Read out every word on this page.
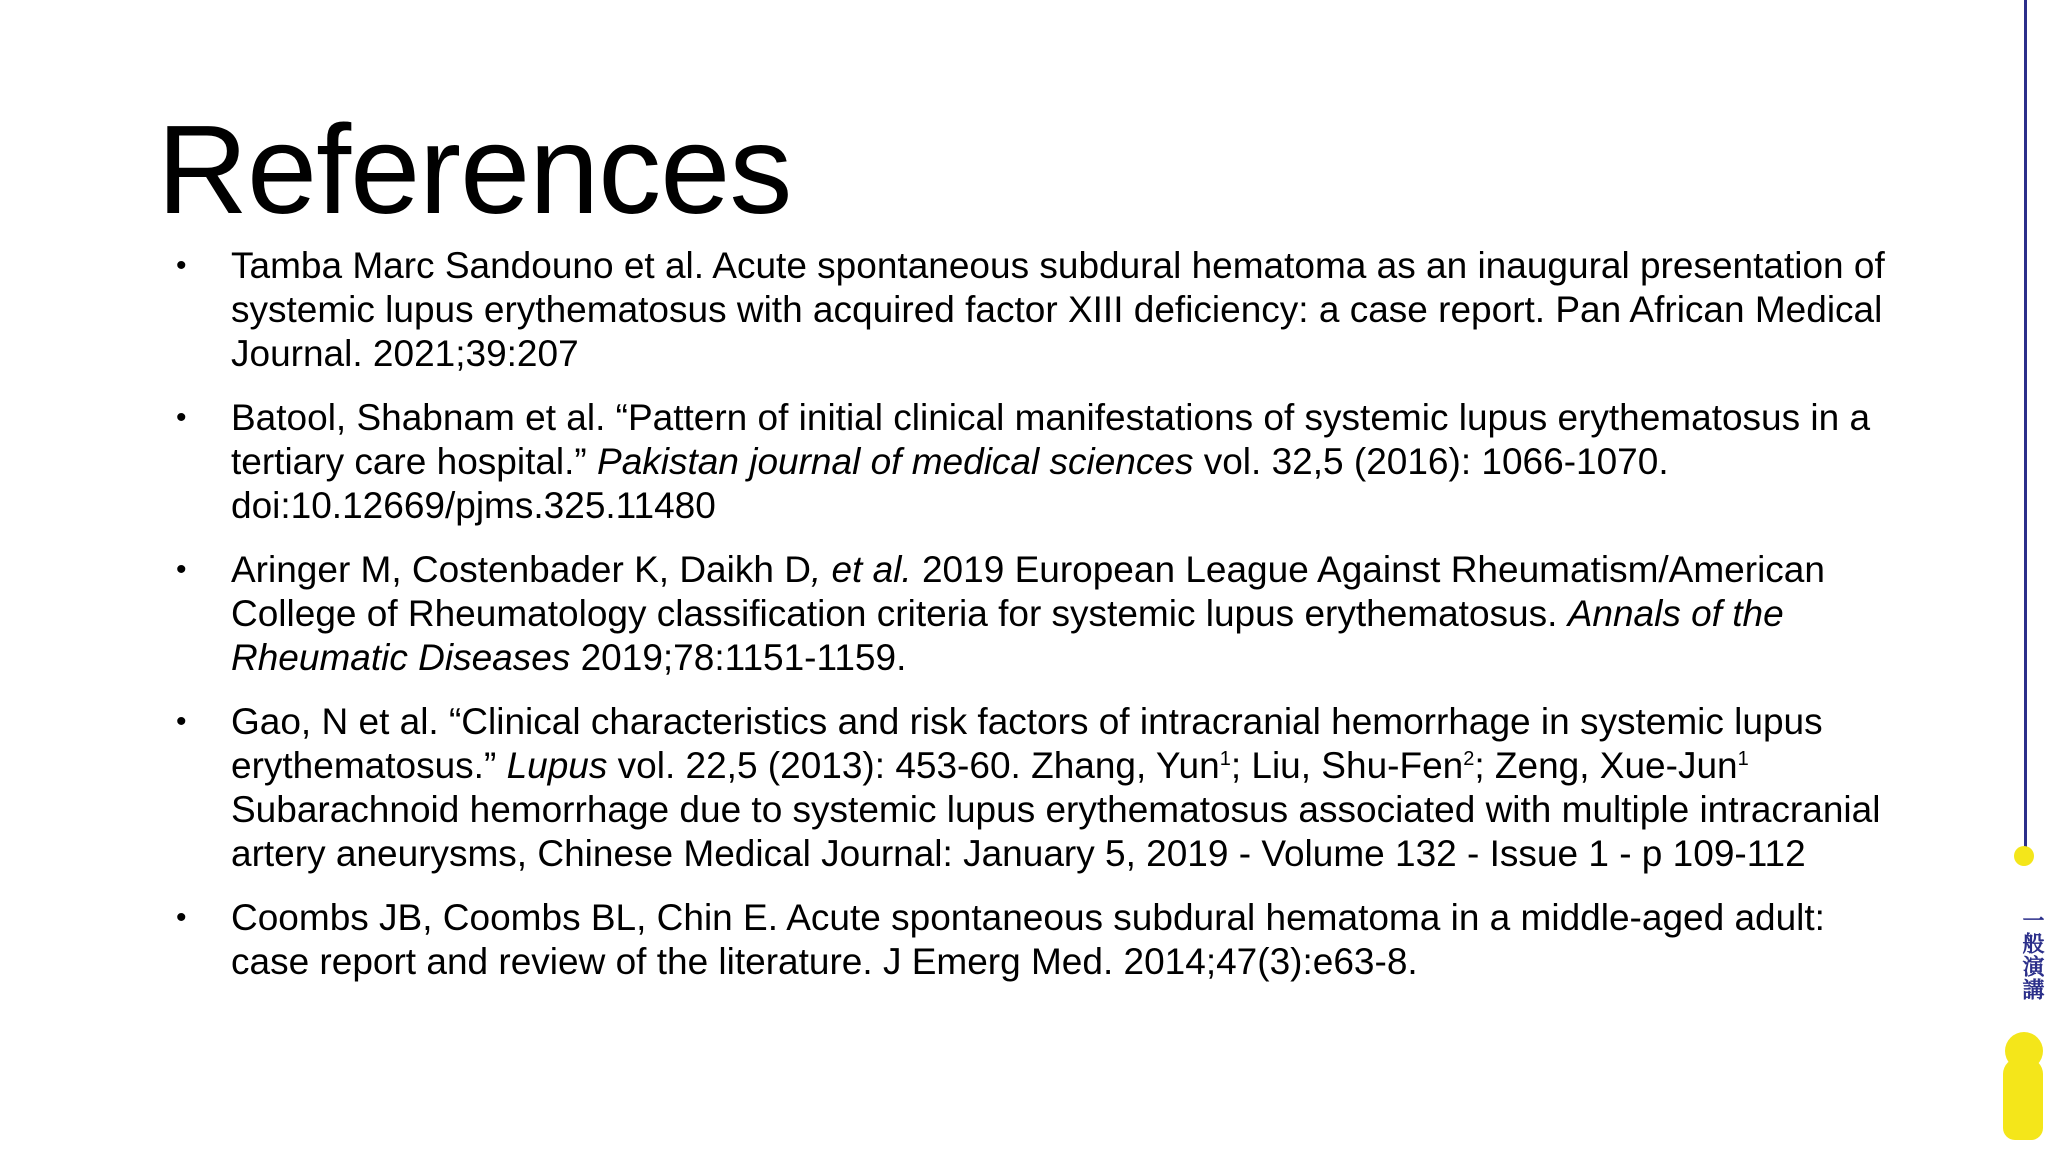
References
• Tamba Marc Sandouno et al. Acute spontaneous subdural hematoma as an inaugural presentation of systemic lupus erythematosus with acquired factor XIII deficiency: a case report. Pan African Medical Journal. 2021;39:207
• Batool, Shabnam et al. “Pattern of initial clinical manifestations of systemic lupus erythematosus in a tertiary care hospital.” Pakistan journal of medical sciences vol. 32,5 (2016): 1066-1070. doi:10.12669/pjms.325.11480
• Aringer M, Costenbader K, Daikh D, et al. 2019 European League Against Rheumatism/American College of Rheumatology classification criteria for systemic lupus erythematosus. Annals of the Rheumatic Diseases 2019;78:1151-1159.
• Gao, N et al. “Clinical characteristics and risk factors of intracranial hemorrhage in systemic lupus erythematosus.” Lupus vol. 22,5 (2013): 453-60. Zhang, Yun$^1$; Liu, Shu-Fen$^2$; Zeng, Xue-Jun$^1$ Subarachnoid hemorrhage due to systemic lupus erythematosus associated with multiple intracranial artery aneurysms, Chinese Medical Journal: January 5, 2019 - Volume 132 - Issue 1 - p 109-112
• Coombs JB, Coombs BL, Chin E. Acute spontaneous subdural hematoma in a middle-aged adult: case report and review of the literature. J Emerg Med. 2014;47(3):e63-8.	一般演講
